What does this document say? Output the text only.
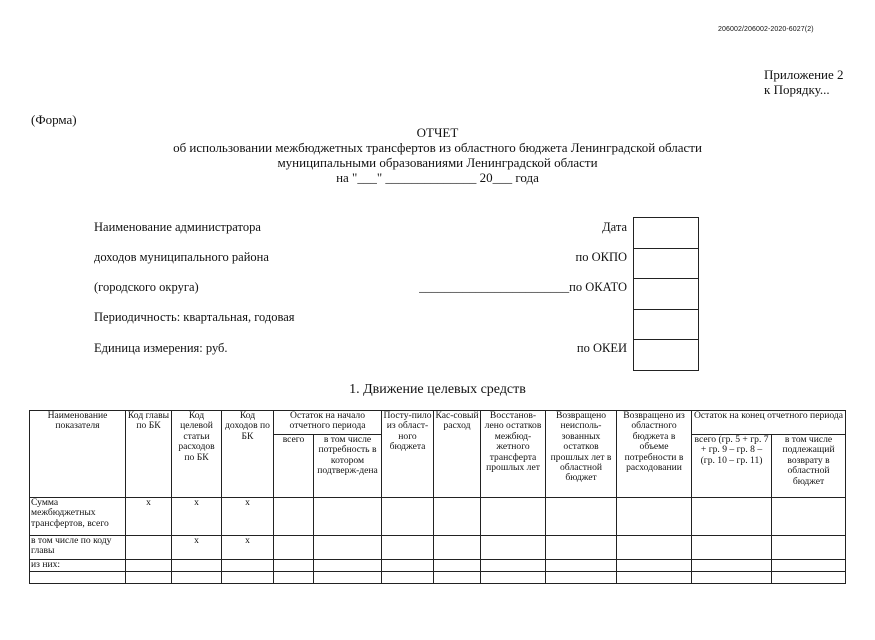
206002/206002-2020-6027(2)
Приложение 2
к Порядку...
(Форма)
ОТЧЕТ
об использовании межбюджетных трансфертов из областного бюджета Ленинградской области
муниципальными образованиями Ленинградской области
на "___" ______________ 20___ года
Наименование администратора
доходов муниципального района
(городского округа)
Периодичность: квартальная, годовая
Единица измерения: руб.
Дата
по ОКПО
________________________по ОКАТО
по ОКЕИ
1. Движение целевых средств
Наименование показателя	Код главы по БК	Код целевой статьи расходов по БК	Код доходов по БК	Остаток на начало отчетного периода		Посту-пило из област-ного бюджета	Кас-совый расход	Восстанов-лено остатков межбюд-жетного трансферта прошлых лет	Возвращено неисполь-зованных остатков прошлых лет в областной бюджет	Возвращено из областного бюджета в объеме потребности в расходовании	Остаток на конец отчетного периода	
				всего	в том числе потребность в котором подтверж-дена						всего (гр. 5 + гр. 7 + гр. 9 – гр. 8 – (гр. 10 – гр. 11)	в том числе подлежащий возврату в областной бюджет
Сумма межбюджетных трансфертов, всего	x	x	x									
в том числе по коду главы		x	x									
из них:												
